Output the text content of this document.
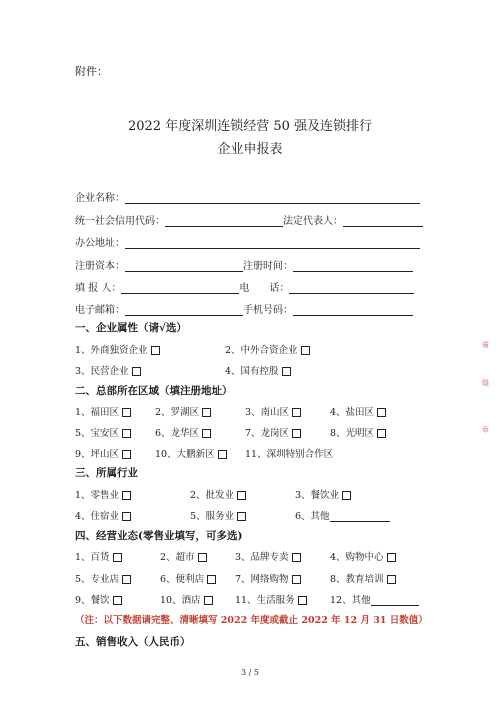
附件：
2022 年度深圳连锁经营 50 强及连锁排行
企业申报表
企业名称：
统一社会信用代码：	法定代表人：
办公地址：
注册资本：	注册时间：
填 报 人：	电　　话：
电子邮箱：	手机号码：
一、企业属性（请√选）
1、外商独资企业	2、中外合资企业
3、民营企业	4、国有控股
二、总部所在区域（填注册地址）
1、福田区	2、罗湖区	3、南山区	4、盐田区
5、宝安区	6、龙华区	7、龙岗区	8、光明区
9、坪山区	10、大鹏新区	11、深圳特别合作区
三、所属行业
1、零售业	2、批发业	3、餐饮业
4、住宿业	5、服务业	6、其他
四、经营业态(零售业填写，可多选)
1、百货	2、超市	3、品牌专卖	4、购物中心
5、专业店	6、便利店	7、网络购物	8、教育培训
9、餐饮	10、酒店	11、生活服务	12、其他
（注：以下数据请完整、清晰填写 2022 年度或截止 2022 年 12 月 31 日数值）
五、销售收入（人民币）
3 / 5
骑
缝
章
